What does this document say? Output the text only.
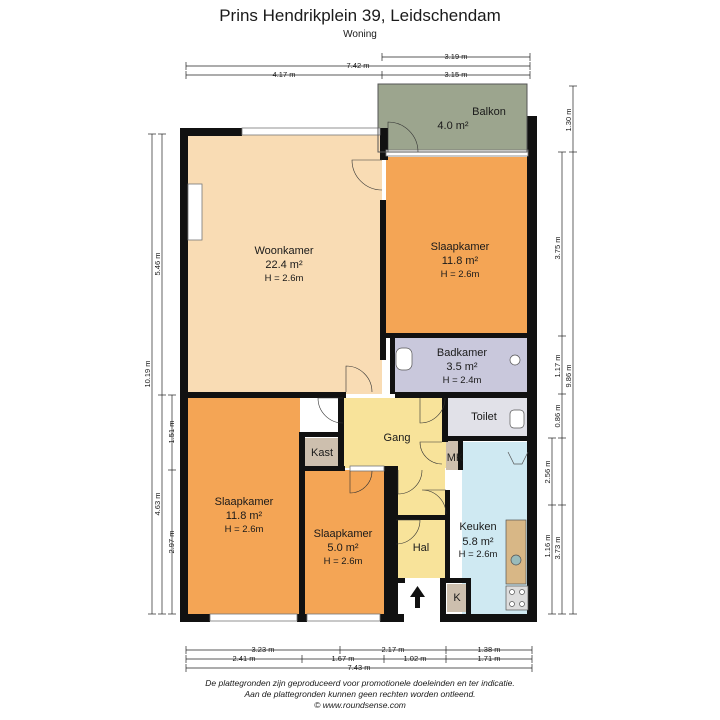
Prins Hendrikplein 39, Leidschendam
Woning
Balkon
4.0 m²
Woonkamer
22.4 m²
H = 2.6m
Slaapkamer
11.8 m²
H = 2.6m
Badkamer
3.5 m²
H = 2.4m
Toilet
Gang
Kast	MK
Slaapkamer
11.8 m²
H = 2.6m	Slaapkamer
5.0 m²
H = 2.6m
Hal
Keuken
5.8 m²
H = 2.6m
K
3.19 m
7.42 m
4.17 m	3.15 m
10.19 m
5.46 m
4.63 m
1.51 m
2.97 m
1.30 m
3.75 m
1.17 m
0.86 m
2.56 m
1.16 m 3.73 m
9.86 m
3.23 m	2.17 m	1.38 m
2.41 m	1.67 m	1.02 m	1.71 m
7.43 m
De plattegronden zijn geproduceerd voor promotionele doeleinden en ter indicatie.
Aan de plattegronden kunnen geen rechten worden ontleend.
© www.roundsense.com
